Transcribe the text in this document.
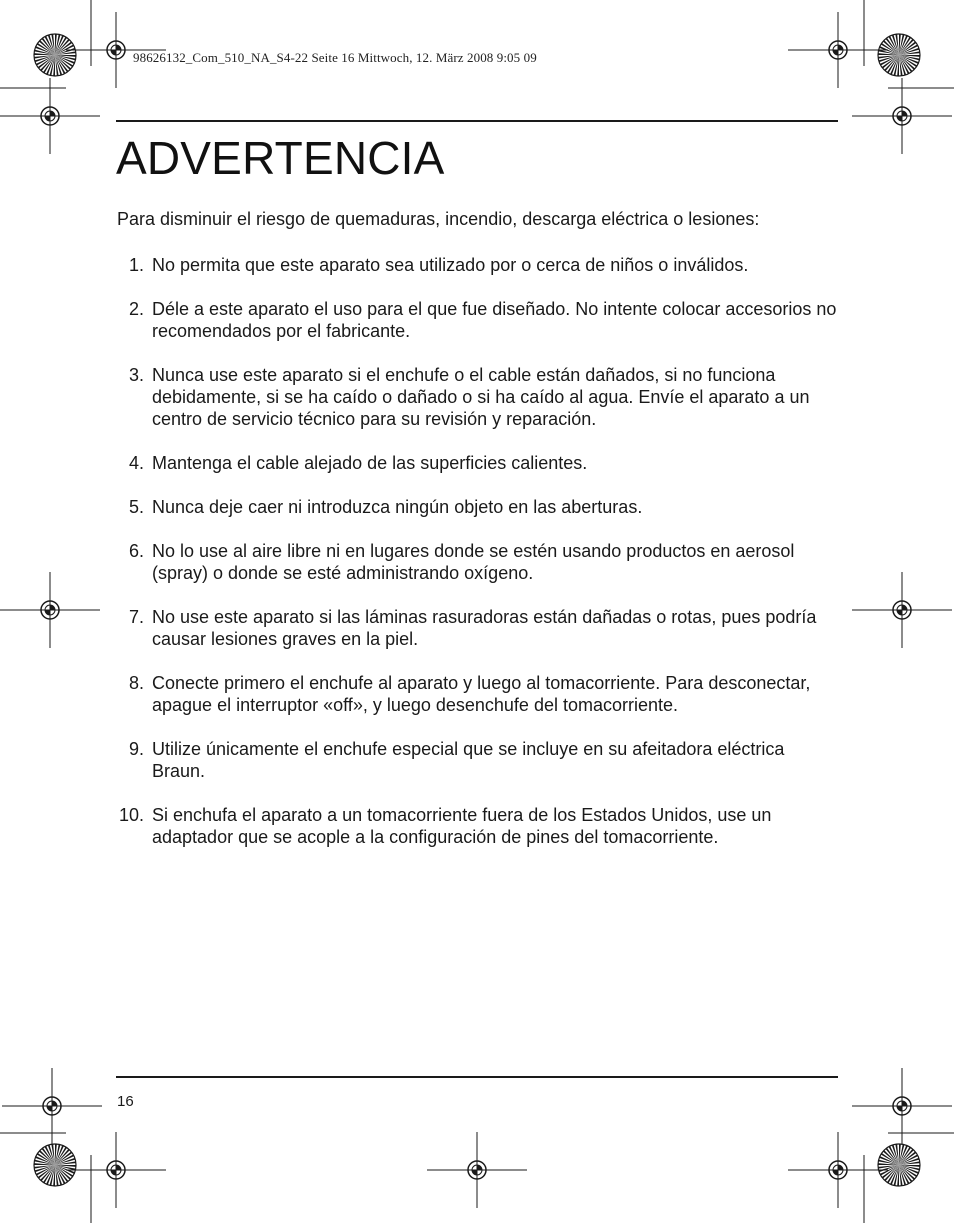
98626132_Com_510_NA_S4-22 Seite 16 Mittwoch, 12. März 2008 9:05 09
ADVERTENCIA

Para disminuir el riesgo de quemaduras, incendio, descarga eléctrica o lesiones:

1. No permita que este aparato sea utilizado por o cerca de niños o inválidos.
2. Déle a este aparato el uso para el que fue diseñado. No intente colocar accesorios no recomendados por el fabricante.
3. Nunca use este aparato si el enchufe o el cable están dañados, si no funciona debidamente, si se ha caído o dañado o si ha caído al agua. Envíe el aparato a un centro de servicio técnico para su revisión y reparación.
4. Mantenga el cable alejado de las superficies calientes.
5. Nunca deje caer ni introduzca ningún objeto en las aberturas.
6. No lo use al aire libre ni en lugares donde se estén usando productos en aerosol (spray) o donde se esté administrando oxígeno.
7. No use este aparato si las láminas rasuradoras están dañadas o rotas, pues podría causar lesiones graves en la piel.
8. Conecte primero el enchufe al aparato y luego al tomacorriente. Para desconectar, apague el interruptor «off», y luego desenchufe del tomacorriente.
9. Utilize únicamente el enchufe especial que se incluye en su afeitadora eléctrica Braun.
10. Si enchufa el aparato a un tomacorriente fuera de los Estados Unidos, use un adaptador que se acople a la configuración de pines del tomacorriente.
16
